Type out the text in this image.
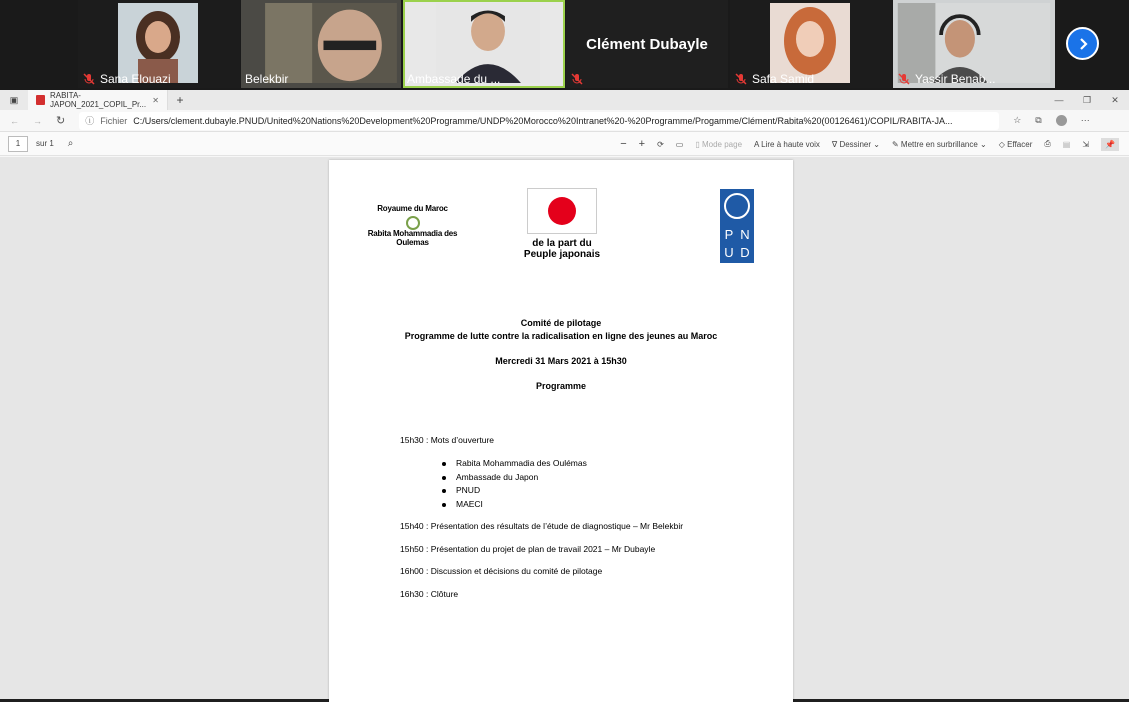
Sana Elouazi	Belekbir	Ambassade du ...
Clément Dubayle
Safa Samid	Yassir Benab...
▣	RABITA-JAPON_2021_COPIL_Pr... ✕	+	—	❐	✕
← → ↻ ⓘ Fichier C:/Users/clement.dubayle.PNUD/United%20Nations%20Development%20Programme/UNDP%20Morocco%20Intranet%20-%20Programme/Progamme/Clément/Rabita%20(00126461)/COPIL/RABITA-JA...	☆ ⧉	⋯
1	sur 1 ⌕	− + ⟳ ▭ ▯ Mode page A Lire à haute voix ∇ Dessiner ⌄ ✎ Mettre en surbrillance ⌄ ◇ Effacer ⎙ ▤ ⇲	📌
Royaume du Maroc
Rabita Mohammadia des Oulemas	de la part du
Peuple japonais
P N
U D
Comité de pilotage
Programme de lutte contre la radicalisation en ligne des jeunes au Maroc
Mercredi 31 Mars 2021 à 15h30
Programme
15h30 : Mots d’ouverture
Rabita Mohammadia des Oulémas
Ambassade du Japon
PNUD
MAECI
15h40 : Présentation des résultats de l’étude de diagnostique – Mr Belekbir
15h50 : Présentation du projet de plan de travail 2021 – Mr Dubayle
16h00 : Discussion et décisions du comité de pilotage
16h30 : Clôture
